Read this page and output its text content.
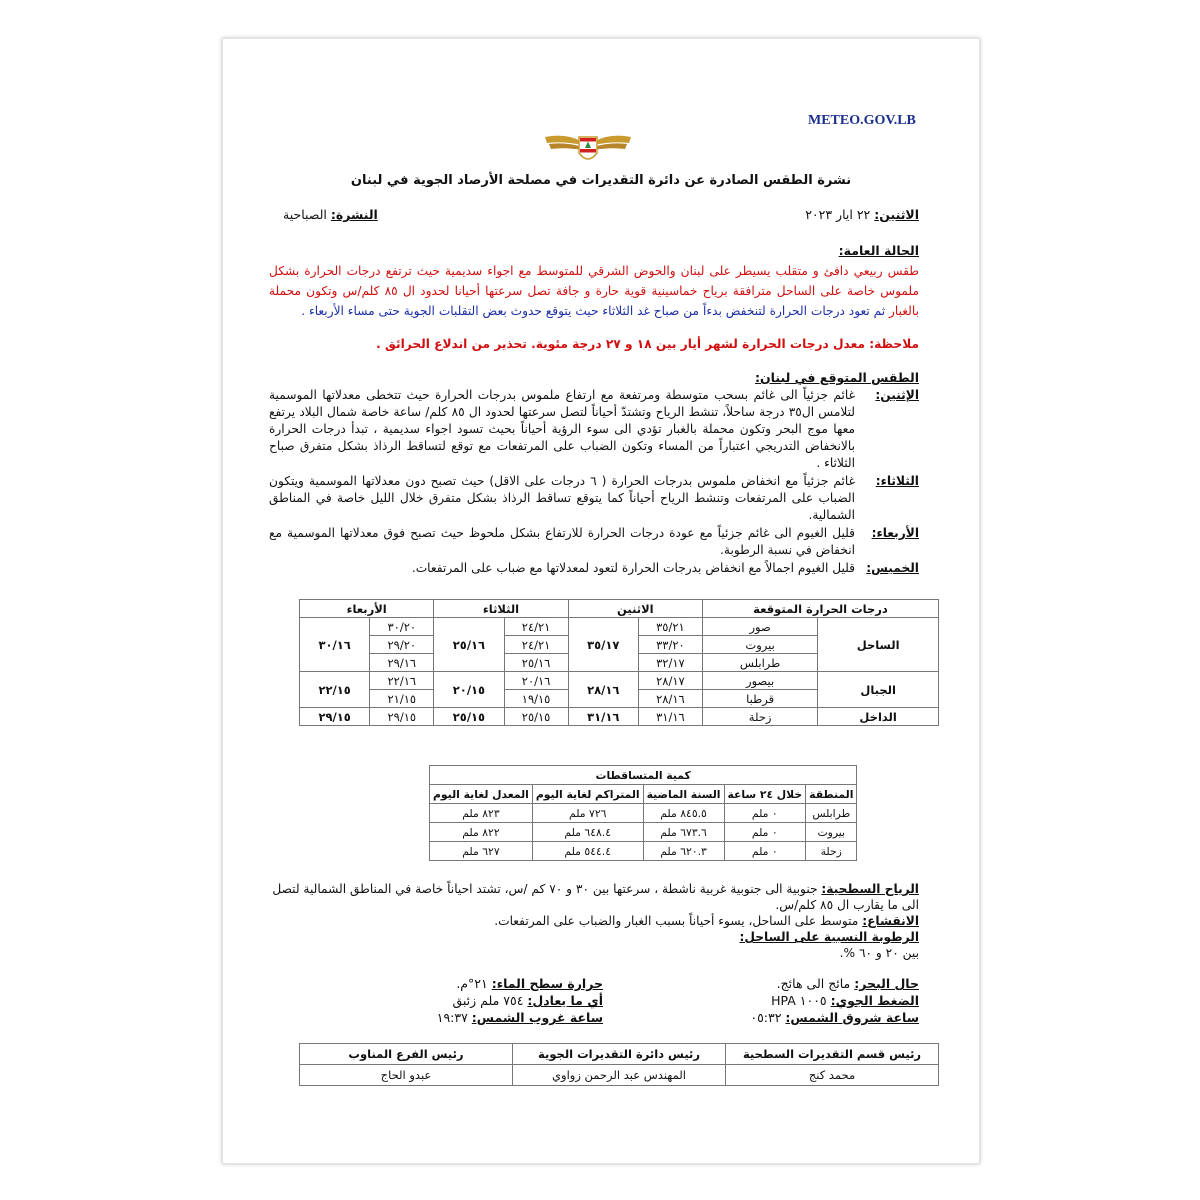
METEO.GOV.LB
نشرة الطقس الصادرة عن دائرة التقديرات في مصلحة الأرصاد الجوية في لبنان
الاثنين: ٢٢ ايار ٢٠٢٣
النشرة: الصباحية
الحالة العامة:
طقس ربيعي دافئ و متقلب يسيطر على لبنان والحوض الشرقي للمتوسط مع اجواء سديمية حيث ترتفع درجات الحرارة بشكل ملموس خاصة على الساحل مترافقة برياح خماسينية قوية حارة و جافة تصل سرعتها أحيانا لحدود ال ٨٥ كلم/س وتكون محملة بالغبار ثم تعود درجات الحرارة لتنخفض بدءاً من صباح غد الثلاثاء حيث يتوقع حدوث بعض التقلبات الجوية حتى مساء الأربعاء .
ملاحظة: معدل درجات الحرارة لشهر أيار بين ١٨ و ٢٧ درجة مئوية. تحذير من اندلاع الحرائق .
الطقس المتوقع في لبنان:
الإثنين:
غائم جزئياً الى غائم بسحب متوسطة ومرتفعة مع ارتفاع ملموس بدرجات الحرارة حيث تتخطى معدلاتها الموسمية لتلامس ال٣٥ درجة ساحلاً، تنشط الرياح وتشتدّ أحياناً لتصل سرعتها لحدود ال ٨٥ كلم/ ساعة خاصة شمال البلاد يرتفع معها موج البحر وتكون محملة بالغبار تؤدي الى سوء الرؤية أحياناً بحيث تسود اجواء سديمية ، تبدأ درجات الحرارة بالانخفاض التدريجي اعتباراً من المساء وتكون الضباب على المرتفعات مع توقع لتساقط الرذاذ بشكل متفرق صباح الثلاثاء .
الثلاثاء:
غائم جزئياً مع انخفاض ملموس بدرجات الحرارة ( ٦ درجات على الاقل) حيث تصبح دون معدلاتها الموسمية ويتكون الضباب على المرتفعات وتنشط الرياح أحياناً كما يتوقع تساقط الرذاذ بشكل متفرق خلال الليل خاصة في المناطق الشمالية.
الأربعاء:
قليل الغيوم الى غائم جزئياً مع عودة درجات الحرارة للارتفاع بشكل ملحوظ حيث تصبح فوق معدلاتها الموسمية مع انخفاض في نسبة الرطوبة.
الخميس:
قليل الغيوم اجمالاً مع انخفاض بدرجات الحرارة لتعود لمعدلاتها مع ضباب على المرتفعات.
درجات الحرارة المتوقعة		الاثنين		الثلاثاء		الأربعاء	
الساحل	صور	٣٥/٢١	٣٥/١٧	٢٤/٢١	٢٥/١٦	٣٠/٢٠	٣٠/١٦
	بيروت	٣٣/٢٠		٢٤/٢١		٢٩/٢٠	
	طرابلس	٣٢/١٧		٢٥/١٦		٢٩/١٦	
الجبال	بيصور	٢٨/١٧	٢٨/١٦	٢٠/١٦	٢٠/١٥	٢٢/١٦	٢٢/١٥
	قرطبا	٢٨/١٦		١٩/١٥		٢١/١٥	
الداخل	زحلة	٣١/١٦	٣١/١٦	٢٥/١٥	٢٥/١٥	٢٩/١٥	٢٩/١٥
كمية المتساقطات				
المنطقة	خلال ٢٤ ساعة	السنة الماضية	المتراكم لغاية اليوم	المعدل لغاية اليوم
طرابلس	٠ ملم	٨٤٥.٥ ملم	٧٢٦ ملم	٨٢٣ ملم
بيروت	٠ ملم	٦٧٣.٦ ملم	٦٤٨.٤ ملم	٨٢٢ ملم
زحلة	٠ ملم	٦٢٠.٣ ملم	٥٤٤.٤ ملم	٦٢٧ ملم
الرياح السطحية: جنوبية الى جنوبية غربية ناشطة ، سرعتها بين ٣٠ و ٧٠ كم /س، تشتد احياناً خاصة في المناطق الشمالية لتصل الى ما يقارب ال ٨٥ كلم/س.
الانقشاع: متوسط على الساحل، يسوء أحياناً بسبب الغبار والضباب على المرتفعات.
الرطوبة النسبية على الساحل:
بين ٢٠ و ٦٠ %.
حال البحر: مائج الى هائج.
الضغط الجوي: ١٠٠٥ HPA
ساعة شروق الشمس: ٠٥:٣٢
حرارة سطح الماء: ٢١°م.
أي ما يعادل: ٧٥٤ ملم زئبق
ساعة غروب الشمس: ١٩:٣٧
رئيس قسم التقديرات السطحية	رئيس دائرة التقديرات الجوية	رئيس الفرع المناوب
محمد كنج	المهندس عبد الرحمن زواوي	عبدو الحاج
